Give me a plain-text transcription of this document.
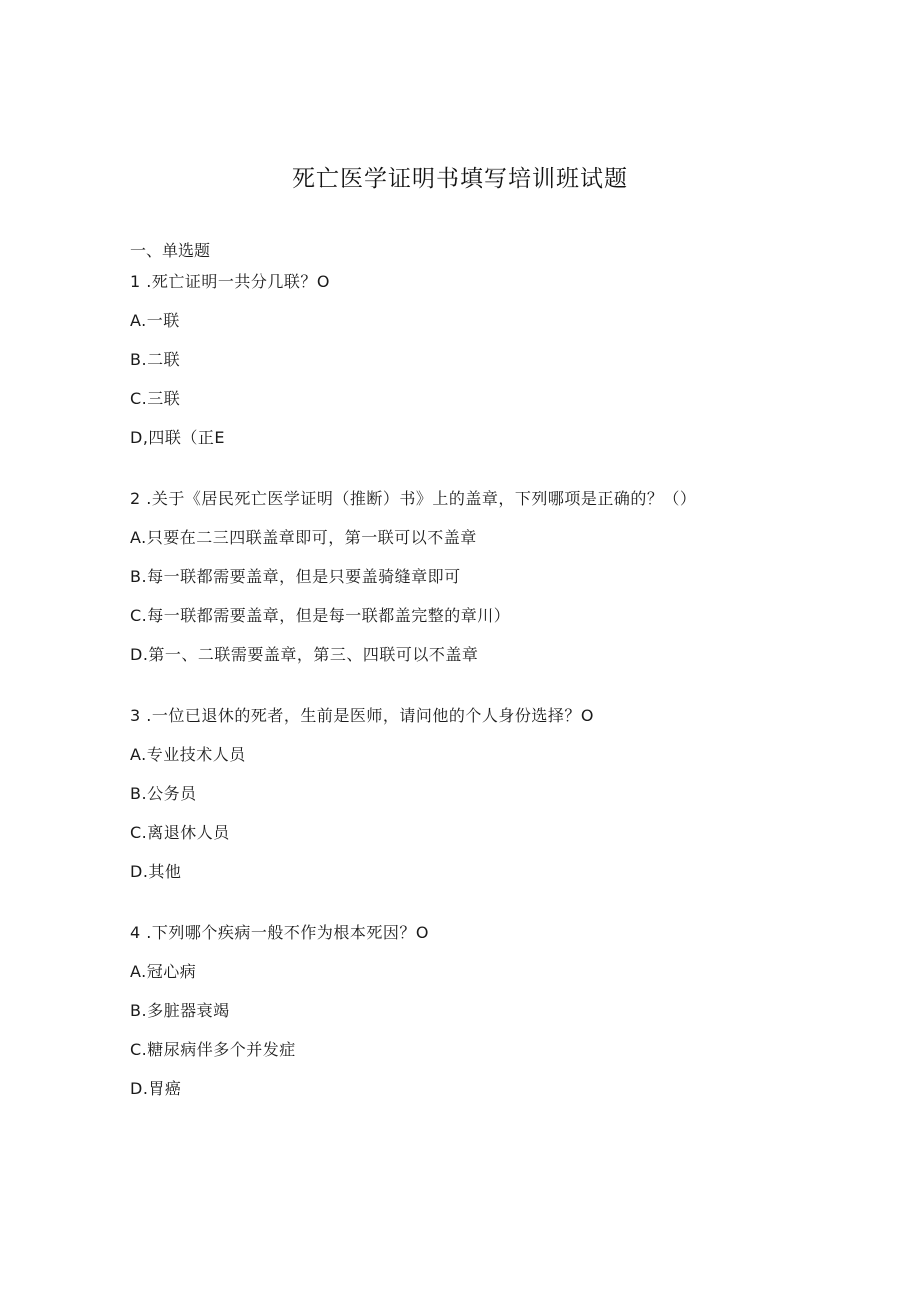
死亡医学证明书填写培训班试题
一、单选题
1 .死亡证明一共分几联？O
A.一联
B.二联
C.三联
D,四联（正E
2 .关于《居民死亡医学证明（推断）书》上的盖章，下列哪项是正确的？（）
A.只要在二三四联盖章即可，第一联可以不盖章
B.每一联都需要盖章，但是只要盖骑缝章即可
C.每一联都需要盖章，但是每一联都盖完整的章川）
D.第一、二联需要盖章，第三、四联可以不盖章
3 .一位已退休的死者，生前是医师，请问他的个人身份选择？O
A.专业技术人员
B.公务员
C.离退休人员
D.其他
4 .下列哪个疾病一般不作为根本死因？O
A.冠心病
B.多脏器衰竭
C.糖尿病伴多个并发症
D.胃癌
